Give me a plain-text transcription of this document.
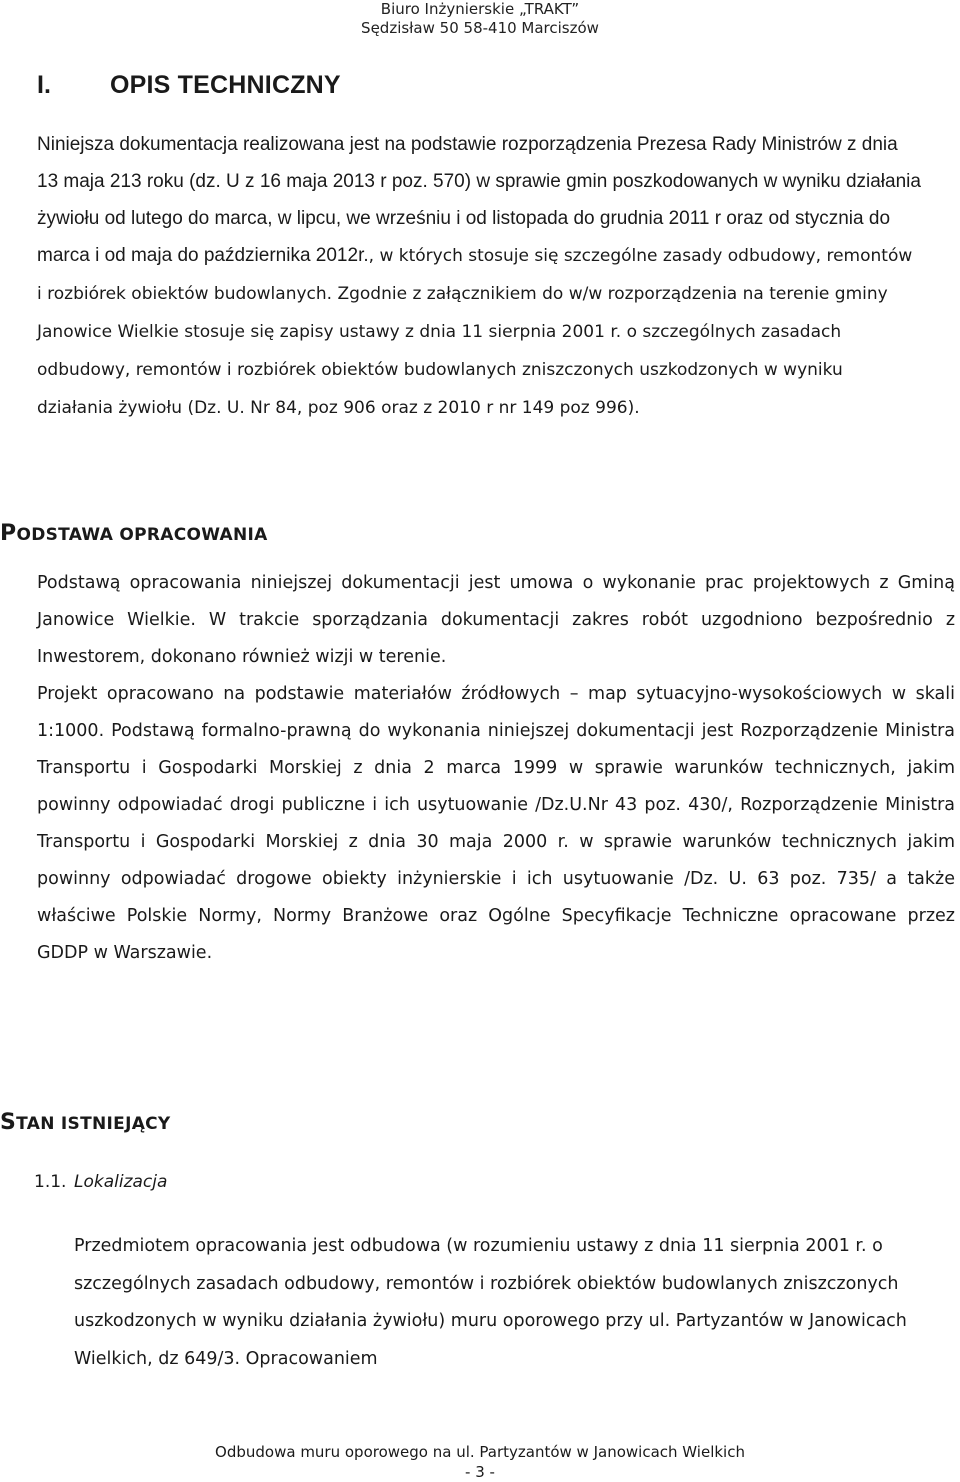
Biuro Inżynierskie „TRAKT”
Sędzisław 50 58-410 Marciszów
I. OPIS TECHNICZNY

Niniejsza dokumentacja realizowana jest na podstawie rozporządzenia Prezesa Rady Ministrów z dnia 13 maja 213 roku (dz. U z 16 maja 2013 r poz. 570) w sprawie gmin poszkodowanych w wyniku działania żywiołu od lutego do marca, w lipcu, we wrześniu i od listopada do grudnia 2011 r oraz od stycznia do marca i od maja do października 2012r., w których stosuje się szczególne zasady odbudowy, remontów i rozbiórek obiektów budowlanych. Zgodnie z załącznikiem do w/w rozporządzenia na terenie gminy Janowice Wielkie stosuje się zapisy ustawy z dnia 11 sierpnia 2001 r. o szczególnych zasadach odbudowy, remontów i rozbiórek obiektów budowlanych zniszczonych uszkodzonych w wyniku działania żywiołu (Dz. U. Nr 84, poz 906 oraz z 2010 r nr 149 poz 996).

PODSTAWA OPRACOWANIA

Podstawą opracowania niniejszej dokumentacji jest umowa o wykonanie prac projektowych z Gminą Janowice Wielkie. W trakcie sporządzania dokumentacji zakres robót uzgodniono bezpośrednio z Inwestorem, dokonano również wizji w terenie.

Projekt opracowano na podstawie materiałów źródłowych – map sytuacyjno-wysokościowych w skali 1:1000. Podstawą formalno-prawną do wykonania niniejszej dokumentacji jest Rozporządzenie Ministra Transportu i Gospodarki Morskiej z dnia 2 marca 1999 w sprawie warunków technicznych, jakim powinny odpowiadać drogi publiczne i ich usytuowanie /Dz.U.Nr 43 poz. 430/, Rozporządzenie Ministra Transportu i Gospodarki Morskiej z dnia 30 maja 2000 r. w sprawie warunków technicznych jakim powinny odpowiadać drogowe obiekty inżynierskie i ich usytuowanie /Dz. U. 63 poz. 735/ a także właściwe Polskie Normy, Normy Branżowe oraz Ogólne Specyfikacje Techniczne opracowane przez GDDP w Warszawie.

STAN ISTNIEJĄCY
1.1. Lokalizacja

Przedmiotem opracowania jest odbudowa (w rozumieniu ustawy z dnia 11 sierpnia 2001 r. o szczególnych zasadach odbudowy, remontów i rozbiórek obiektów budowlanych zniszczonych uszkodzonych w wyniku działania żywiołu) muru oporowego przy ul. Partyzantów w Janowicach Wielkich, dz 649/3. Opracowaniem

Odbudowa muru oporowego na ul. Partyzantów w Janowicach Wielkich
- 3 -
